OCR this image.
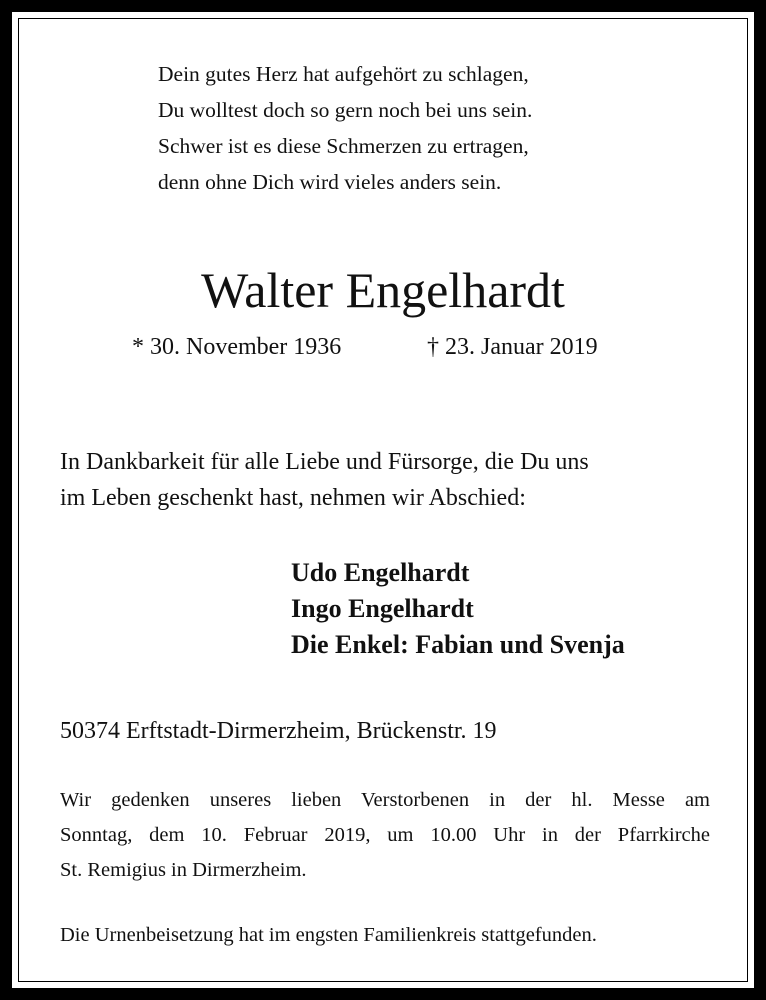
Dein gutes Herz hat aufgehört zu schlagen,
Du wolltest doch so gern noch bei uns sein.
Schwer ist es diese Schmerzen zu ertragen,
denn ohne Dich wird vieles anders sein.
Walter Engelhardt
* 30. November 1936	† 23. Januar 2019
In Dankbarkeit für alle Liebe und Fürsorge, die Du uns
im Leben geschenkt hast, nehmen wir Abschied:
Udo Engelhardt
Ingo Engelhardt
Die Enkel: Fabian und Svenja
50374 Erftstadt-Dirmerzheim, Brückenstr. 19
Wir gedenken unseres lieben Verstorbenen in der hl. Messe am
Sonntag, dem 10. Februar 2019, um 10.00 Uhr in der Pfarrkirche
St. Remigius in Dirmerzheim.
Die Urnenbeisetzung hat im engsten Familienkreis stattgefunden.
